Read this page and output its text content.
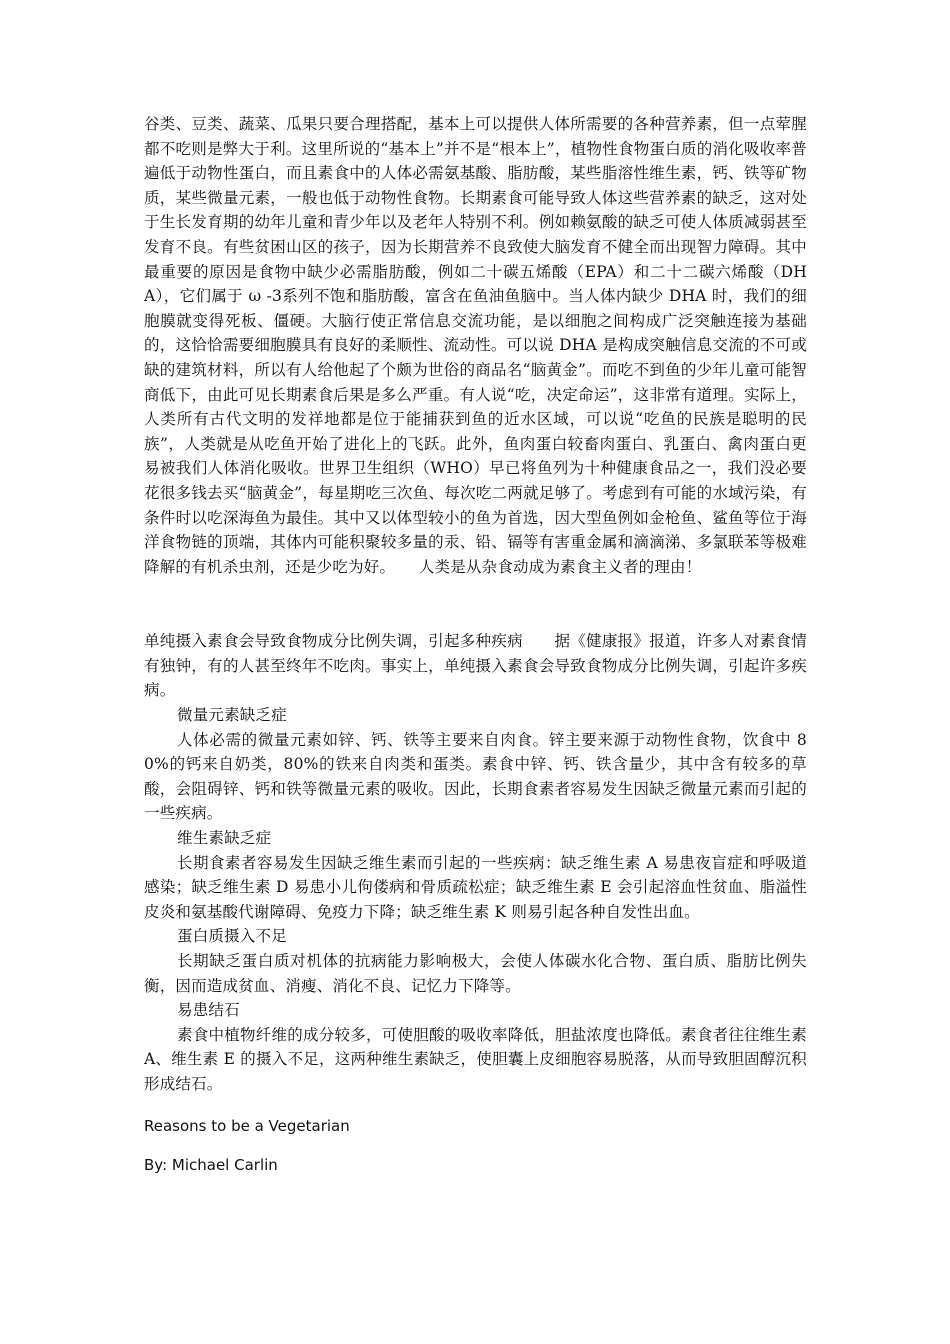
谷类、豆类、蔬菜、瓜果只要合理搭配，基本上可以提供人体所需要的各种营养素，但一点荤腥都不吃则是弊大于利。这里所说的“基本上”并不是“根本上”，植物性食物蛋白质的消化吸收率普遍低于动物性蛋白，而且素食中的人体必需氨基酸、脂肪酸，某些脂溶性维生素，钙、铁等矿物质，某些微量元素，一般也低于动物性食物。长期素食可能导致人体这些营养素的缺乏，这对处于生长发育期的幼年儿童和青少年以及老年人特别不利。例如赖氨酸的缺乏可使人体质减弱甚至发育不良。有些贫困山区的孩子，因为长期营养不良致使大脑发育不健全而出现智力障碍。其中最重要的原因是食物中缺少必需脂肪酸，例如二十碳五烯酸（EPA）和二十二碳六烯酸（DHA），它们属于 ω -3系列不饱和脂肪酸，富含在鱼油鱼脑中。当人体内缺少 DHA 时，我们的细胞膜就变得死板、僵硬。大脑行使正常信息交流功能，是以细胞之间构成广泛突触连接为基础的，这恰恰需要细胞膜具有良好的柔顺性、流动性。可以说 DHA 是构成突触信息交流的不可或缺的建筑材料，所以有人给他起了个颇为世俗的商品名“脑黄金”。而吃不到鱼的少年儿童可能智商低下，由此可见长期素食后果是多么严重。有人说“吃，决定命运”，这非常有道理。实际上，人类所有古代文明的发祥地都是位于能捕获到鱼的近水区域，可以说“吃鱼的民族是聪明的民族”，人类就是从吃鱼开始了进化上的飞跃。此外，鱼肉蛋白较畜肉蛋白、乳蛋白、禽肉蛋白更易被我们人体消化吸收。世界卫生组织（WHO）早已将鱼列为十种健康食品之一，我们没必要花很多钱去买“脑黄金”，每星期吃三次鱼、每次吃二两就足够了。考虑到有可能的水域污染，有条件时以吃深海鱼为最佳。其中又以体型较小的鱼为首选，因大型鱼例如金枪鱼、鲨鱼等位于海洋食物链的顶端，其体内可能积聚较多量的汞、铅、镉等有害重金属和滴滴涕、多氯联苯等极难降解的有机杀虫剂，还是少吃为好。　　人类是从杂食动成为素食主义者的理由！

单纯摄入素食会导致食物成分比例失调，引起多种疾病　　据《健康报》报道，许多人对素食情有独钟，有的人甚至终年不吃肉。事实上，单纯摄入素食会导致食物成分比例失调，引起许多疾病。

微量元素缺乏症

人体必需的微量元素如锌、钙、铁等主要来自肉食。锌主要来源于动物性食物，饮食中 80%的钙来自奶类，80%的铁来自肉类和蛋类。素食中锌、钙、铁含量少，其中含有较多的草酸，会阻碍锌、钙和铁等微量元素的吸收。因此，长期食素者容易发生因缺乏微量元素而引起的一些疾病。

维生素缺乏症

长期食素者容易发生因缺乏维生素而引起的一些疾病：缺乏维生素 A 易患夜盲症和呼吸道感染；缺乏维生素 D 易患小儿佝偻病和骨质疏松症；缺乏维生素 E 会引起溶血性贫血、脂溢性皮炎和氨基酸代谢障碍、免疫力下降；缺乏维生素 K 则易引起各种自发性出血。

蛋白质摄入不足

长期缺乏蛋白质对机体的抗病能力影响极大，会使人体碳水化合物、蛋白质、脂肪比例失衡，因而造成贫血、消瘦、消化不良、记忆力下降等。

易患结石

素食中植物纤维的成分较多，可使胆酸的吸收率降低，胆盐浓度也降低。素食者往往维生素 A、维生素 E 的摄入不足，这两种维生素缺乏，使胆囊上皮细胞容易脱落，从而导致胆固醇沉积形成结石。

Reasons to be a Vegetarian

By: Michael Carlin
